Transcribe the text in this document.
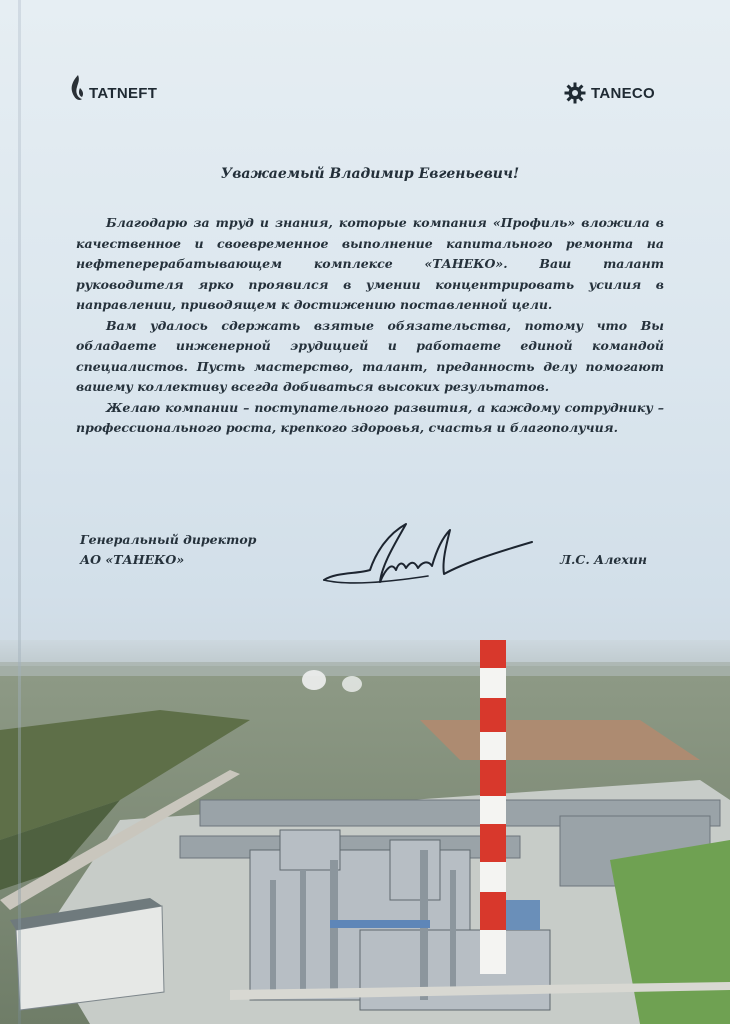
TATNEFT	TANECO

Уважаемый Владимир Евгеньевич!

Благодарю за труд и знания, которые компания «Профиль» вложила в качественное и своевременное выполнение капитального ремонта на нефтеперерабатывающем комплексе «ТАНЕКО». Ваш талант руководителя ярко проявился в умении концентрировать усилия в направлении, приводящем к достижению поставленной цели.

Вам удалось сдержать взятые обязательства, потому что Вы обладаете инженерной эрудицией и работаете единой командой специалистов. Пусть мастерство, талант, преданность делу помогают вашему коллективу всегда добиваться высоких результатов.

Желаю компании – поступательного развития, а каждому сотруднику – профессионального роста, крепкого здоровья, счастья и благополучия.

Генеральный директор
АО «ТАНЕКО»	Л.С. Алехин
